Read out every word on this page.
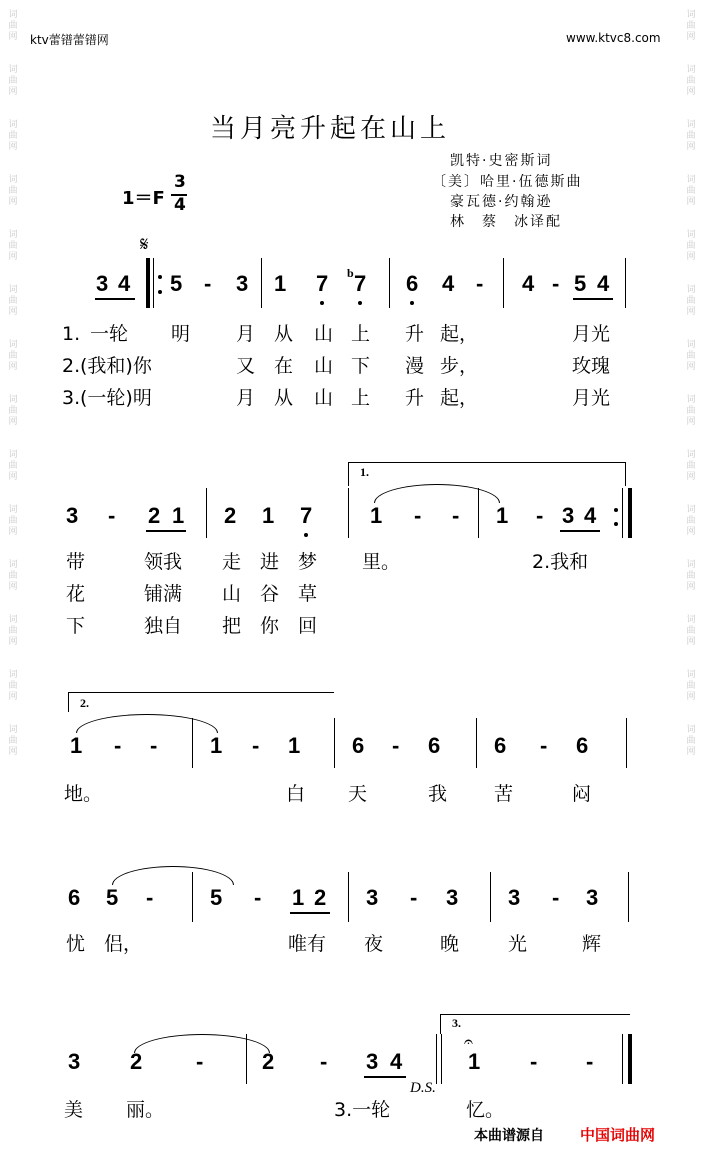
词
曲
网

词
曲
网

词
曲
网

词
曲
网

词
曲
网

词
曲
网

词
曲
网

词
曲
网

词
曲
网

词
曲
网

词
曲
网

词
曲
网

词
曲
网

词
曲
网
词
曲
网

词
曲
网

词
曲
网

词
曲
网

词
曲
网

词
曲
网

词
曲
网

词
曲
网

词
曲
网

词
曲
网

词
曲
网

词
曲
网

词
曲
网

词
曲
网
ktv蕾镨蕾镨网	www.ktvc8.com
当月亮升起在山上
凯特·史密斯词
〔美〕哈里·伍德斯曲
豪瓦德·约翰逊
林　蔡　冰译配
1＝F
3
4
𝄋
3 4 5 - 3 1 7 b 7 6 4 - 4 - 5 4
1. 一轮 明 月 从 山 上 升 起，	月光
2. (我和)你	又 在 山 下 漫 步，	玫瑰
3. (一轮)明	月 从 山 上 升 起，	月光
1.
3 - 2 1 2 1 7	1 - - 1 - 3 4
带	领我 走 进 梦 里。	2.我和
花	铺满 山 谷 草
下	独自 把 你 回
2.
1 - - 1 - 1 6 - 6 6 - 6
地。	白 天	我 苦	闷
6 5 -	5 - 1 2 3 - 3 3 - 3
忧 侣，	唯有 夜	晚	光	辉
3.
𝄐
3 2 -	2 - 3 4	1 - -
D.S.
美 丽。	3.一轮	忆。
本曲谱源自 中国词曲网
